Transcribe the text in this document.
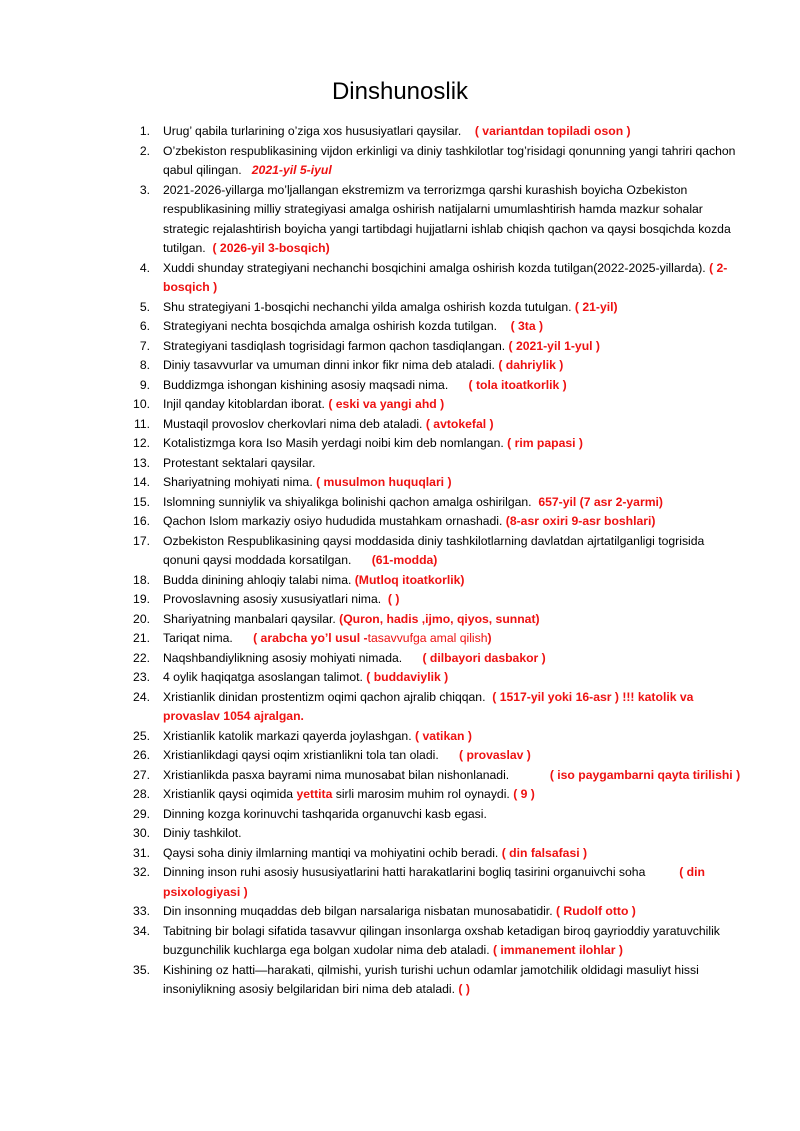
Dinshunoslik
1. Urug’ qabila turlarining o’ziga xos hususiyatlari qaysilar. ( variantdan topiladi oson )
2. O’zbekiston respublikasining vijdon erkinligi va diniy tashkilotlar tog’risidagi qonunning yangi tahriri qachon qabul qilingan. 2021-yil 5-iyul
3. 2021-2026-yillarga mo’ljallangan ekstremizm va terrorizmga qarshi kurashish boyicha Ozbekiston respublikasining milliy strategiyasi amalga oshirish natijalarni umumlashtirish hamda mazkur sohalar strategic rejalashtirish boyicha yangi tartibdagi hujjatlarni ishlab chiqish qachon va qaysi bosqichda kozda tutilgan. ( 2026-yil 3-bosqich)
4. Xuddi shunday strategiyani nechanchi bosqichini amalga oshirish kozda tutilgan(2022-2025-yillarda). ( 2-bosqich )
5. Shu strategiyani 1-bosqichi nechanchi yilda amalga oshirish kozda tutulgan. ( 21-yil)
6. Strategiyani nechta bosqichda amalga oshirish kozda tutilgan. ( 3ta )
7. Strategiyani tasdiqlash togrisidagi farmon qachon tasdiqlangan. ( 2021-yil 1-yul )
8. Diniy tasavvurlar va umuman dinni inkor fikr nima deb ataladi. ( dahriylik )
9. Buddizmga ishongan kishining asosiy maqsadi nima. ( tola itoatkorlik )
10. Injil qanday kitoblardan iborat. ( eski va yangi ahd )
11. Mustaqil provoslov cherkovlari nima deb ataladi. ( avtokefal )
12. Kotalistizmga kora Iso Masih yerdagi noibi kim deb nomlangan. ( rim papasi )
13. Protestant sektalari qaysilar.
14. Shariyatning mohiyati nima. ( musulmon huquqlari )
15. Islomning sunniylik va shiyalikga bolinishi qachon amalga oshirilgan. 657-yil (7 asr 2-yarmi)
16. Qachon Islom markaziy osiyo hududida mustahkam ornashadi. (8-asr oxiri 9-asr boshlari)
17. Ozbekiston Respublikasining qaysi moddasida diniy tashkilotlarning davlatdan ajrtatilganligi togrisida qonuni qaysi moddada korsatilgan. (61-modda)
18. Budda dinining ahloqiy talabi nima. (Mutloq itoatkorlik)
19. Provoslavning asosiy xususiyatlari nima. ( )
20. Shariyatning manbalari qaysilar. (Quron, hadis ,ijmo, qiyos, sunnat)
21. Tariqat nima. ( arabcha yo’l usul -tasavvufga amal qilish)
22. Naqshbandiylikning asosiy mohiyati nimada. ( dilbayori dasbakor )
23. 4 oylik haqiqatga asoslangan talimot. ( buddaviylik )
24. Xristianlik dinidan prostentizm oqimi qachon ajralib chiqqan. ( 1517-yil yoki 16-asr ) !!! katolik va provaslav 1054 ajralgan.
25. Xristianlik katolik markazi qayerda joylashgan. ( vatikan )
26. Xristianlikdagi qaysi oqim xristianlikni tola tan oladi. ( provaslav )
27. Xristianlikda pasxa bayrami nima munosabat bilan nishonlanadi.	( iso paygambarni qayta tirilishi )
28. Xristianlik qaysi oqimida yettita sirli marosim muhim rol oynaydi. ( 9 )
29. Dinning kozga korinuvchi tashqarida organuvchi kasb egasi.
30. Diniy tashkilot.
31. Qaysi soha diniy ilmlarning mantiqi va mohiyatini ochib beradi. ( din falsafasi )
32. Dinning inson ruhi asosiy hususiyatlarini hatti harakatlarini bogliq tasirini organuivchi soha	( din psixologiyasi )
33. Din insonning muqaddas deb bilgan narsalariga nisbatan munosabatidir. ( Rudolf otto )
34. Tabitning bir bolagi sifatida tasavvur qilingan insonlarga oxshab ketadigan biroq gayrioddiy yaratuvchilik buzgunchilik kuchlarga ega bolgan xudolar nima deb ataladi. ( immanement ilohlar )
35. Kishining oz hatti—harakati, qilmishi, yurish turishi uchun odamlar jamotchilik oldidagi masuliyt hissi insoniylikning asosiy belgilaridan biri nima deb ataladi. ( )
